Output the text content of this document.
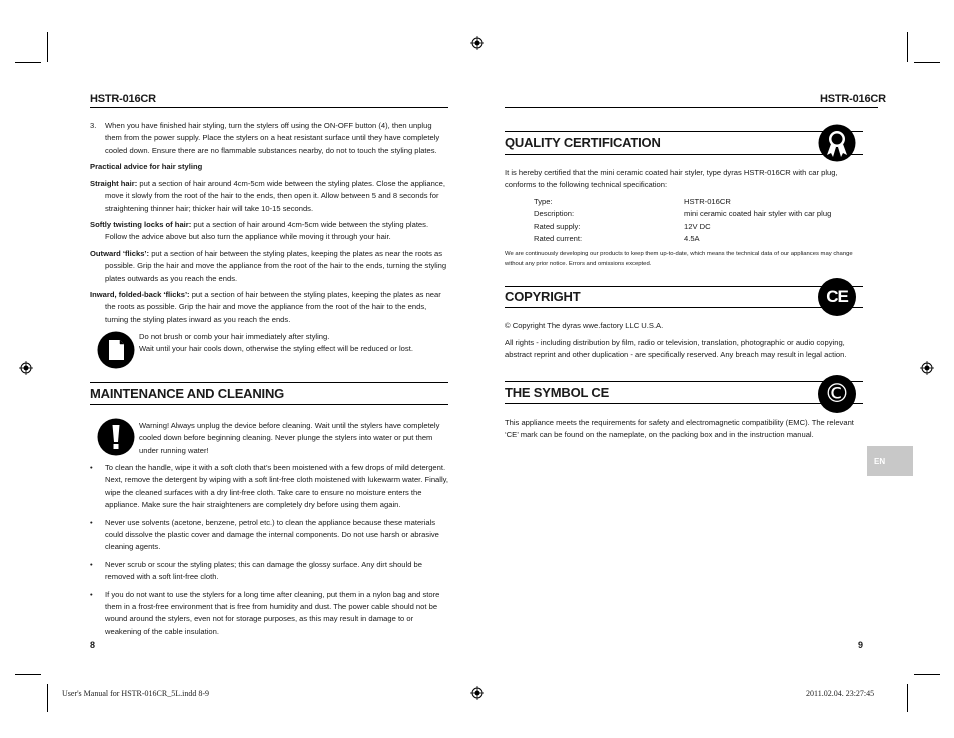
HSTR-016CR	HSTR-016CR
3. When you have finished hair styling, turn the stylers off using the ON-OFF button (4), then unplug them from the power supply. Place the stylers on a heat resistant surface until they have completely cooled down. Ensure there are no flammable substances nearby, do not to touch the styling plates.
Practical advice for hair styling

Straight hair: put a section of hair around 4cm-5cm wide between the styling plates. Close the appliance, move it slowly from the root of the hair to the ends, then open it. Allow between 5 and 8 seconds for straightening thinner hair; thicker hair will take 10-15 seconds.

Softly twisting locks of hair: put a section of hair around 4cm-5cm wide between the styling plates. Follow the advice above but also turn the appliance while moving it through your hair.

Outward ‘flicks’: put a section of hair between the styling plates, keeping the plates as near the roots as possible. Grip the hair and move the appliance from the root of the hair to the ends, turning the styling plates outwards as you reach the ends.

Inward, folded-back ‘flicks’: put a section of hair between the styling plates, keeping the plates as near the roots as possible. Grip the hair and move the appliance from the root of the hair to the ends, turning the styling plates inward as you reach the ends.

Do not brush or comb your hair immediately after styling.
Wait until your hair cools down, otherwise the styling effect will be reduced or lost.
MAINTENANCE AND CLEANING
Warning! Always unplug the device before cleaning. Wait until the stylers have completely cooled down before beginning cleaning. Never plunge the stylers into water or put them under running water!
• To clean the handle, wipe it with a soft cloth that’s been moistened with a few drops of mild detergent. Next, remove the detergent by wiping with a soft lint-free cloth moistened with lukewarm water. Finally, wipe the cleaned surfaces with a dry lint-free cloth. Take care to ensure no moisture enters the appliance. Make sure the hair straighteners are completely dry before using them again.
• Never use solvents (acetone, benzene, petrol etc.) to clean the appliance because these materials could dissolve the plastic cover and damage the internal components. Do not use harsh or abrasive cleaning agents.
• Never scrub or scour the styling plates; this can damage the glossy surface. Any dirt should be removed with a soft lint-free cloth.
• If you do not want to use the stylers for a long time after cleaning, put them in a nylon bag and store them in a frost-free environment that is free from humidity and dust. The power cable should not be wound around the stylers, even not for storage purposes, as this may result in damage to or weakening of the cable insulation.
8
QUALITY CERTIFICATION
It is hereby certified that the mini ceramic coated hair styler, type dyras HSTR-016CR with car plug, conforms to the following technical specification:
Type:	HSTR-016CR
Description:	mini ceramic coated hair styler with car plug
Rated supply:	12V DC
Rated current:	4.5A
We are continuously developing our products to keep them up-to-date, which means the technical data of our appliances may change without any prior notice. Errors and omissions excepted.
COPYRIGHT	CE
© Copyright The dyras wwe.factory LLC U.S.A.
All rights - including distribution by film, radio or television, translation, photographic or audio copying, abstract reprint and other duplication - are specifically reserved. Any breach may result in legal action.
THE SYMBOL CE	©
This appliance meets the requirements for safety and electromagnetic compatibility (EMC). The relevant ‘CE’ mark can be found on the nameplate, on the packing box and in the instruction manual.
EN
9
User's Manual for HSTR-016CR_5L.indd 8-9	2011.02.04. 23:27:45
